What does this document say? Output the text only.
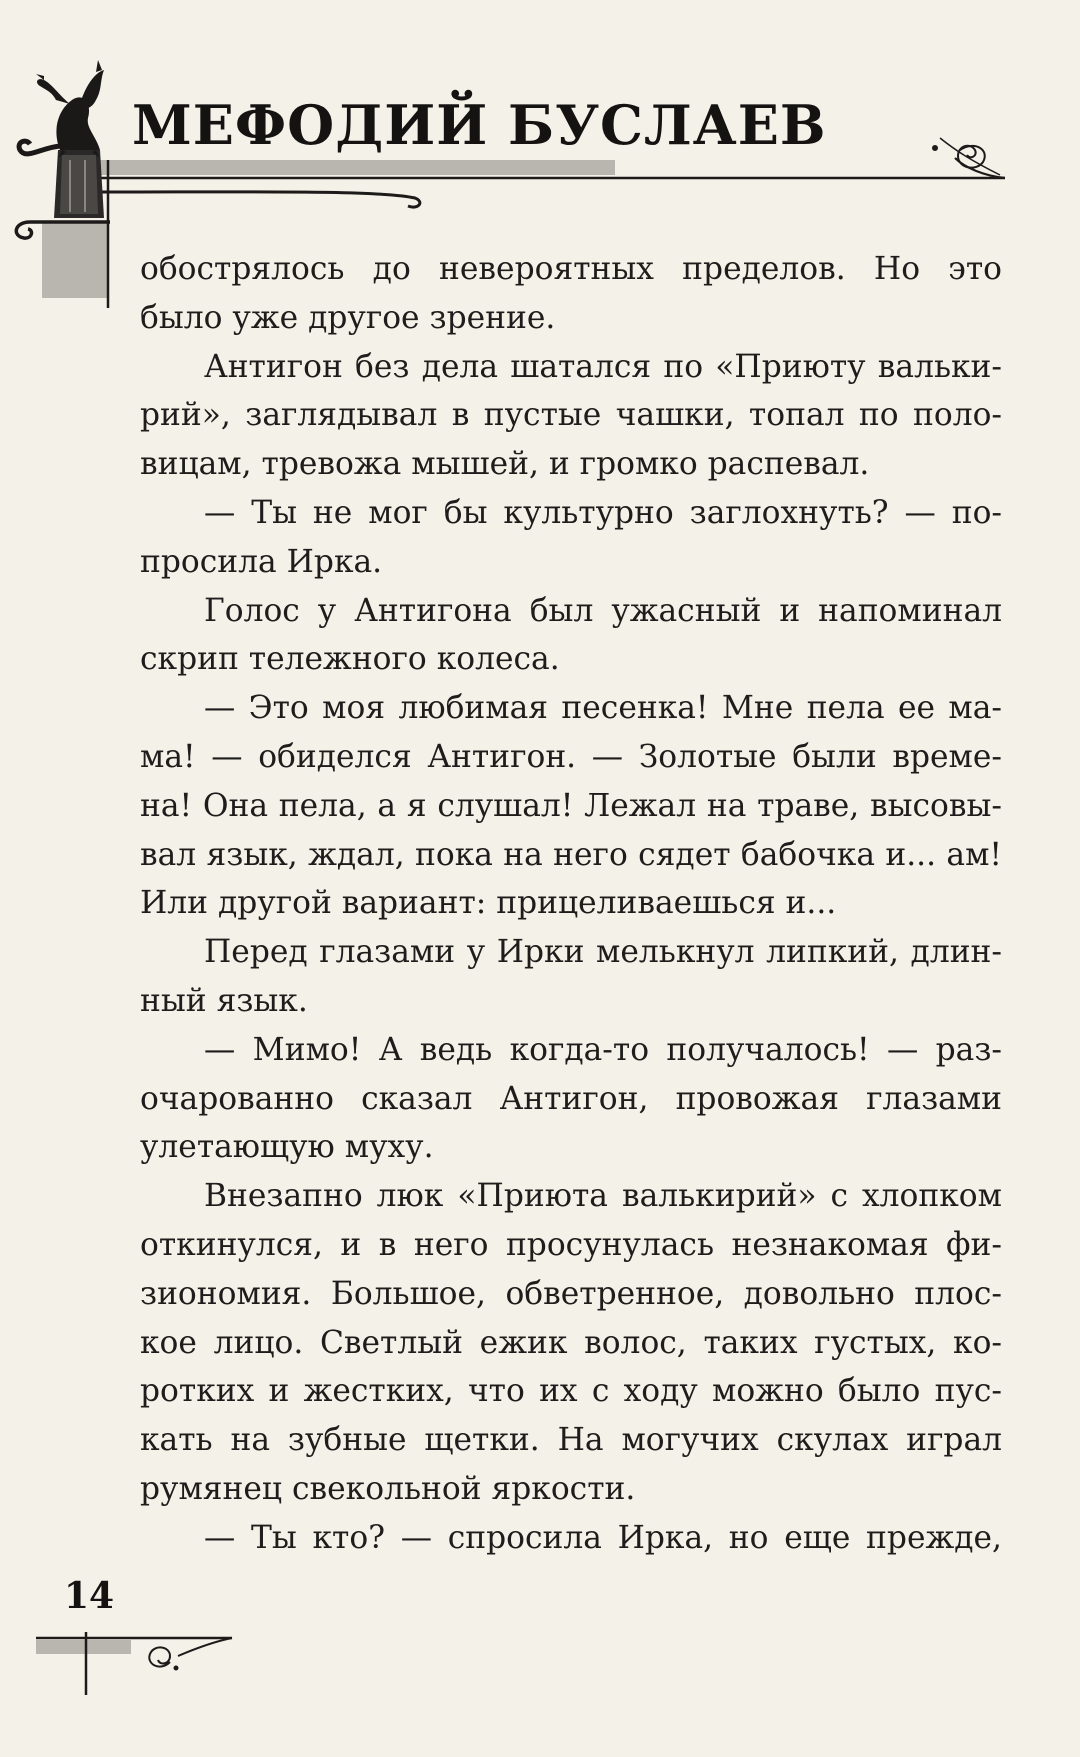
МЕФОДИЙ БУСЛАЕВ
обострялось до невероятных пределов. Но это
было уже другое зрение.
Антигон без дела шатался по «Приюту вальки-
рий», заглядывал в пустые чашки, топал по поло-
вицам, тревожа мышей, и громко распевал.
— Ты не мог бы культурно заглохнуть? — по-
просила Ирка.
Голос у Антигона был ужасный и напоминал
скрип тележного колеса.
— Это моя любимая песенка! Мне пела ее ма-
ма! — обиделся Антигон. — Золотые были време-
на! Она пела, а я слушал! Лежал на траве, высовы-
вал язык, ждал, пока на него сядет бабочка и... ам!
Или другой вариант: прицеливаешься и...
Перед глазами у Ирки мелькнул липкий, длин-
ный язык.
— Мимо! А ведь когда-то получалось! — раз-
очарованно сказал Антигон, провожая глазами
улетающую муху.
Внезапно люк «Приюта валькирий» с хлопком
откинулся, и в него просунулась незнакомая фи-
зиономия. Большое, обветренное, довольно плос-
кое лицо. Светлый ежик волос, таких густых, ко-
ротких и жестких, что их с ходу можно было пус-
кать на зубные щетки. На могучих скулах играл
румянец свекольной яркости.
— Ты кто? — спросила Ирка, но еще прежде,
14
